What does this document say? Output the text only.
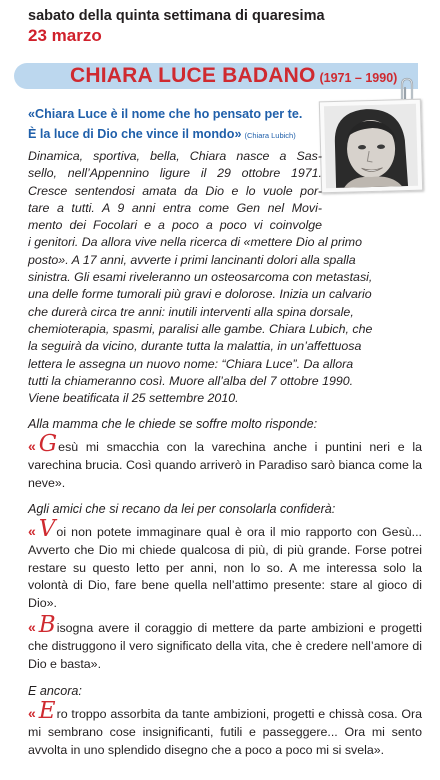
sabato della quinta settimana di quaresima
23 marzo
CHIARA LUCE BADANO (1971 – 1990)
«Chiara Luce è il nome che ho pensato per te.
È la luce di Dio che vince il mondo» (Chiara Lubich)
Dinamica, sportiva, bella, Chiara nasce a Sas-
sello, nell’Appennino ligure il 29 ottobre 1971.
Cresce sentendosi amata da Dio e lo vuole por-
tare a tutti. A 9 anni entra come Gen nel Movi-
mento dei Focolari e a poco a poco vi coinvolge
i genitori. Da allora vive nella ricerca di «mettere Dio al primo
posto». A 17 anni, avverte i primi lancinanti dolori alla spalla
sinistra. Gli esami riveleranno un osteosarcoma con metastasi,
una delle forme tumorali più gravi e dolorose. Inizia un calvario
che durerà circa tre anni: inutili interventi alla spina dorsale,
chemioterapia, spasmi, paralisi alle gambe. Chiara Lubich, che
la seguirà da vicino, durante tutta la malattia, in un’affettuosa
lettera le assegna un nuovo nome: “Chiara Luce”. Da allora
tutti la chiameranno così. Muore all’alba del 7 ottobre 1990.
Viene beatificata il 25 settembre 2010.
Alla mamma che le chiede se soffre molto risponde:
« Gesù mi smacchia con la varechina anche i puntini neri e la varechina brucia. Così quando arriverò in Paradiso sarò bianca come la neve».
Agli amici che si recano da lei per consolarla confiderà:
« Voi non potete immaginare qual è ora il mio rapporto con Gesù... Avverto che Dio mi chiede qualcosa di più, di più grande. Forse potrei restare su questo letto per anni, non lo so. A me interessa solo la volontà di Dio, fare bene quella nell’attimo presente: stare al gioco di Dio».
« Bisogna avere il coraggio di mettere da parte ambizioni e progetti che distruggono il vero significato della vita, che è credere nell’amore di Dio e basta».
E ancora:
« Ero troppo assorbita da tante ambizioni, progetti e chissà cosa. Ora mi sembrano cose insignificanti, futili e passeggere... Ora mi sento avvolta in uno splendido disegno che a poco a poco mi si svela».
